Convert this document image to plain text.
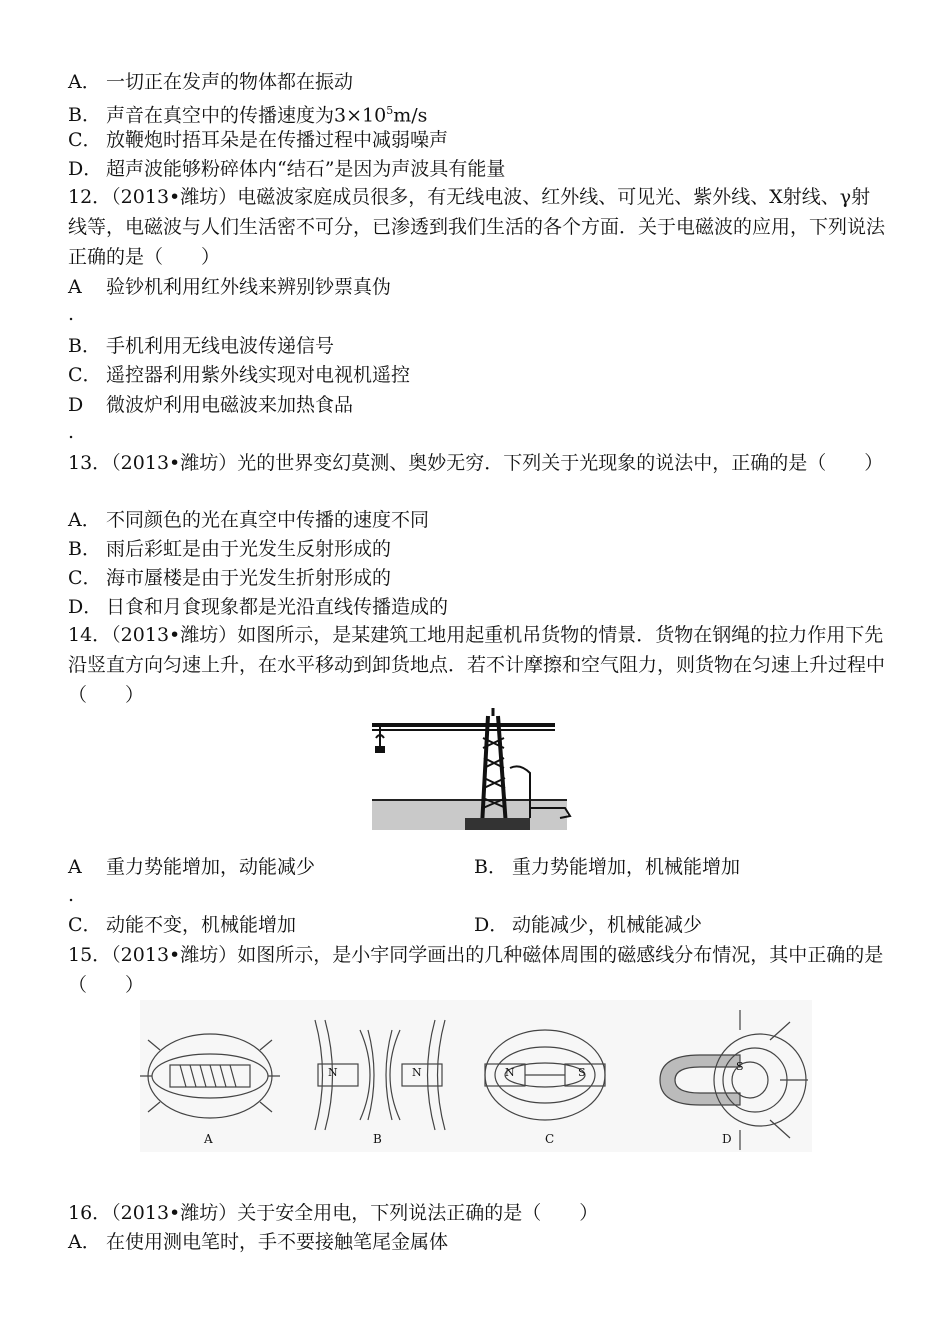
A． 一切正在发声的物体都在振动
B． 声音在真空中的传播速度为$3\times 10^5m/s$
C． 放鞭炮时捂耳朵是在传播过程中减弱噪声
D． 超声波能够粉碎体内“结石”是因为声波具有能量
12．（2013•潍坊）电磁波家庭成员很多，有无线电波、红外线、可见光、紫外线、X射线、γ射线等，电磁波与人们生活密不可分，已渗透到我们生活的各个方面．关于电磁波的应用，下列说法正确的是（　　）
A 验钞机利用红外线来辨别钞票真伪
.
B． 手机利用无线电波传递信号
C． 遥控器利用紫外线实现对电视机遥控
D 微波炉利用电磁波来加热食品
.
13．（2013•潍坊）光的世界变幻莫测、奥妙无穷．下列关于光现象的说法中，正确的是（　　）
A． 不同颜色的光在真空中传播的速度不同
B． 雨后彩虹是由于光发生反射形成的
C． 海市蜃楼是由于光发生折射形成的
D． 日食和月食现象都是光沿直线传播造成的
14．（2013•潍坊）如图所示，是某建筑工地用起重机吊货物的情景．货物在钢绳的拉力作用下先沿竖直方向匀速上升，在水平移动到卸货地点．若不计摩擦和空气阻力，则货物在匀速上升过程中（　　）
A 重力势能增加，动能减少	B． 重力势能增加，机械能增加
.
C． 动能不变，机械能增加	D． 动能减少，机械能减少
15．（2013•潍坊）如图所示，是小宇同学画出的几种磁体周围的磁感线分布情况，其中正确的是（　　）
N	N	N	S	S
A	B	C	D
16．（2013•潍坊）关于安全用电，下列说法正确的是（　　）
A． 在使用测电笔时，手不要接触笔尾金属体
